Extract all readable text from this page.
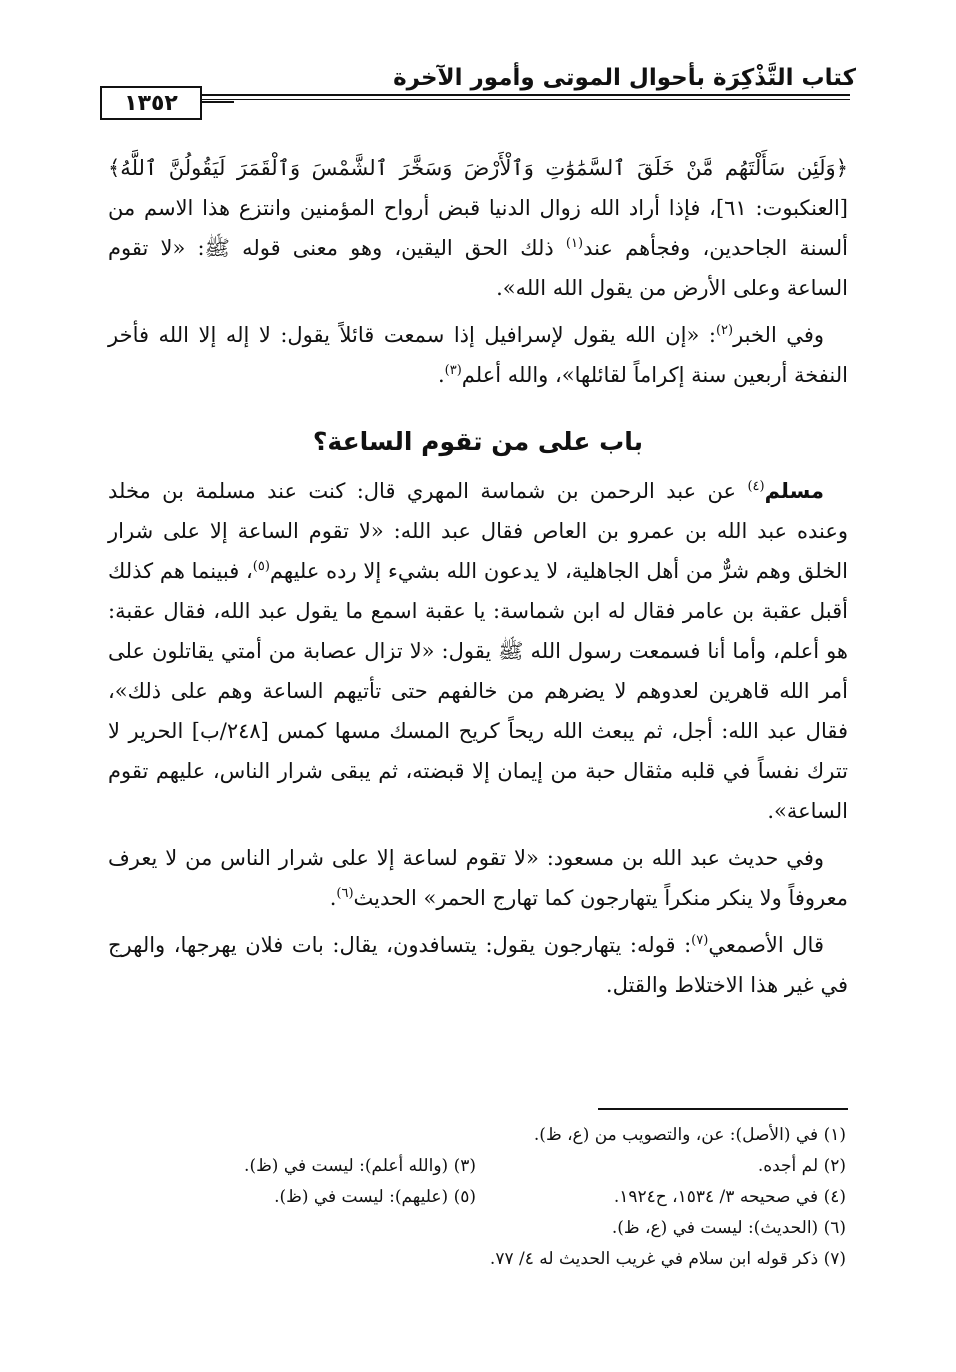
كتاب التَّذْكِرَة بأحوال الموتى وأمور الآخرة
١٣٥٢

﴿وَلَئِن سَأَلْتَهُم مَّنْ خَلَقَ ٱلسَّمَٰوَٰتِ وَٱلْأَرْضَ وَسَخَّرَ ٱلشَّمْسَ وَٱلْقَمَرَ لَيَقُولُنَّ ٱللَّهُ﴾ [العنكبوت: ٦١]، فإذا أراد الله زوال الدنيا قبض أرواح المؤمنين وانتزع هذا الاسم من ألسنة الجاحدين، وفجأهم عند$^{(١)}$ ذلك الحق اليقين، وهو معنى قوله ﷺ: «لا تقوم الساعة وعلى الأرض من يقول الله الله».

وفي الخبر$^{(٢)}$: «إن الله يقول لإسرافيل إذا سمعت قائلاً يقول: لا إله إلا الله فأخر النفخة أربعين سنة إكراماً لقائلها»، والله أعلم$^{(٣)}$.

باب على من تقوم الساعة؟

مسلم$^{(٤)}$ عن عبد الرحمن بن شماسة المهري قال: كنت عند مسلمة بن مخلد وعنده عبد الله بن عمرو بن العاص فقال عبد الله: «لا تقوم الساعة إلا على شرار الخلق وهم شرٌّ من أهل الجاهلية، لا يدعون الله بشيء إلا رده عليهم$^{(٥)}$، فبينما هم كذلك أقبل عقبة بن عامر فقال له ابن شماسة: يا عقبة اسمع ما يقول عبد الله، فقال عقبة: هو أعلم، وأما أنا فسمعت رسول الله ﷺ يقول: «لا تزال عصابة من أمتي يقاتلون على أمر الله قاهرين لعدوهم لا يضرهم من خالفهم حتى تأتيهم الساعة وهم على ذلك»، فقال عبد الله: أجل، ثم يبعث الله ريحاً كريح المسك مسها كمس [٢٤٨/ب] الحرير لا تترك نفساً في قلبه مثقال حبة من إيمان إلا قبضته، ثم يبقى شرار الناس، عليهم تقوم الساعة».

وفي حديث عبد الله بن مسعود: «لا تقوم لساعة إلا على شرار الناس من لا يعرف معروفاً ولا ينكر منكراً يتهارجون كما تهارج الحمر» الحديث$^{(٦)}$.

قال الأصمعي$^{(٧)}$: قوله: يتهارجون يقول: يتسافدون، يقال: بات فلان يهرجها، والهرج في غير هذا الاختلاط والقتل.

(١) في (الأصل): عن، والتصويب من (ع، ظ).
(٢) لم أجده.
(٣) (والله أعلم): ليست في (ظ).
(٤) في صحيحه ٣/ ١٥٣٤، ح١٩٢٤.
(٥) (عليهم): ليست في (ظ).
(٦) (الحديث): ليست في (ع، ظ).
(٧) ذكر قوله ابن سلام في غريب الحديث له ٤/ ٧٧.
